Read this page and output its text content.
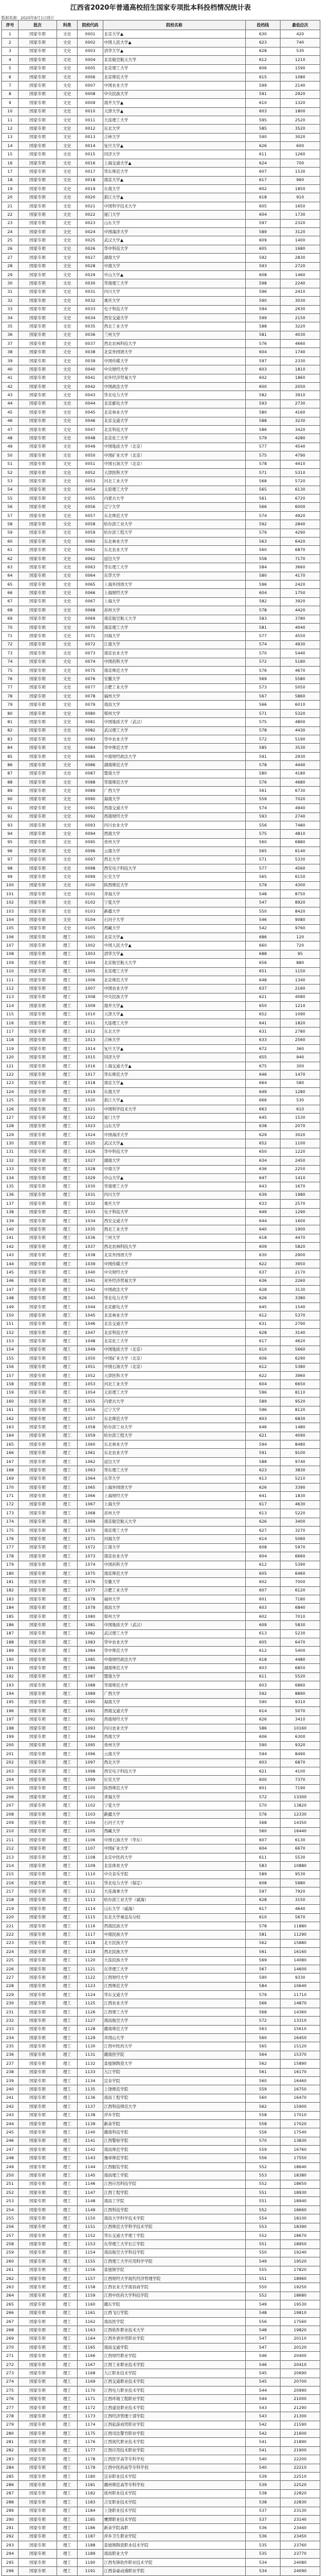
江西省2020年普通高校招生国家专项批本科投档情况统计表
数据来源：2020年8月1日统计
序号	批次	科类	院校代码	院校名称	投档线	最低位次
1	国家专项	文史	0001	北京大学▲	630	420
2	国家专项	文史	0002	中国人民大学▲	623	740
3	国家专项	文史	0003	清华大学▲	628	530
4	国家专项	文史	0004	北京航空航天大学	612	1210
5	国家专项	文史	0005	北京理工大学	606	1590
6	国家专项	文史	0006	北京师范大学	615	1080
7	国家专项	文史	0007	中国农业大学	599	2140
8	国家专项	文史	0008	中央民族大学	591	2920
9	国家专项	文史	0009	南开大学▲	610	1320
10	国家专项	文史	0010	天津大学▲	603	1800
11	国家专项	文史	0011	大连理工大学	595	2520
12	国家专项	文史	0012	东北大学	585	3520
13	国家专项	文史	0013	吉林大学	590	3020
14	国家专项	文史	0014	复旦大学▲	626	600
15	国家专项	文史	0015	同济大学	611	1260
16	国家专项	文史	0016	上海交通大学▲	624	700
17	国家专项	文史	0017	华东师范大学	607	1530
18	国家专项	文史	0018	南京大学▲	617	960
19	国家专项	文史	0019	东南大学	602	1850
20	国家专项	文史	0020	浙江大学▲	618	910
21	国家专项	文史	0021	中国科学技术大学	605	1650
22	国家专项	文史	0022	厦门大学	604	1730
23	国家专项	文史	0023	山东大学	597	2320
24	国家专项	文史	0024	中国海洋大学	589	3120
25	国家专项	文史	0025	武汉大学▲	609	1400
26	国家专项	文史	0026	华中科技大学	605	1680
27	国家专项	文史	0027	湖南大学	592	2830
28	国家专项	文史	0028	中南大学	593	2720
29	国家专项	文史	0029	中山大学▲	608	1460
30	国家专项	文史	0030	华南理工大学	598	2240
31	国家专项	文史	0031	四川大学	596	2410
32	国家专项	文史	0032	重庆大学	590	3030
33	国家专项	文史	0033	电子科技大学	594	2630
34	国家专项	文史	0034	西安交通大学	599	2150
35	国家专项	文史	0035	西北工业大学	588	3220
36	国家专项	文史	0036	兰州大学	581	4030
37	国家专项	文史	0037	西北农林科技大学	576	4660
38	国家专项	文史	0038	北京外国语大学	604	1740
39	国家专项	文史	0039	中国传媒大学	597	2330
40	国家专项	文史	0040	中央财经大学	603	1810
41	国家专项	文史	0041	对外经济贸易大学	602	1860
42	国家专项	文史	0042	中国政法大学	600	2050
43	国家专项	文史	0043	华北电力大学	582	3910
44	国家专项	文史	0044	北京邮电大学	593	2730
45	国家专项	文史	0045	北京林业大学	580	4160
46	国家专项	文史	0046	北京交通大学	588	3230
47	国家专项	文史	0047	北京科技大学	586	3420
48	国家专项	文史	0048	北京化工大学	579	4280
49	国家专项	文史	0049	中国地质大学（北京）	577	4540
50	国家专项	文史	0050	中国矿业大学（北京）	575	4790
51	国家专项	文史	0051	中国石油大学（北京）	578	4410
52	国家专项	文史	0052	天津医科大学	571	5310
53	国家专项	文史	0053	河北工业大学	568	5720
54	国家专项	文史	0054	太原理工大学	565	6130
55	国家专项	文史	0055	内蒙古大学	561	6720
56	国家专项	文史	0056	辽宁大学	566	6000
57	国家专项	文史	0057	东北师范大学	574	4920
58	国家专项	文史	0058	哈尔滨工业大学	592	2840
59	国家专项	文史	0059	哈尔滨工程大学	579	4290
60	国家专项	文史	0060	东北林业大学	563	6420
61	国家专项	文史	0061	东北农业大学	560	6870
62	国家专项	文史	0062	延边大学	558	7170
63	国家专项	文史	0063	华东理工大学	584	3660
64	国家专项	文史	0064	东华大学	580	4170
65	国家专项	文史	0065	上海外国语大学	596	2420
66	国家专项	文史	0066	上海财经大学	604	1750
67	国家专项	文史	0067	上海大学	582	3920
68	国家专项	文史	0068	苏州大学	578	4420
69	国家专项	文史	0069	南京航空航天大学	583	3780
70	国家专项	文史	0070	南京理工大学	581	4040
71	国家专项	文史	0071	河海大学	577	4550
72	国家专项	文史	0072	江南大学	574	4930
73	国家专项	文史	0073	南京农业大学	570	5440
74	国家专项	文史	0074	中国药科大学	572	5180
75	国家专项	文史	0075	南京师范大学	576	4670
76	国家专项	文史	0076	安徽大学	569	5580
77	国家专项	文史	0077	合肥工业大学	573	5050
78	国家专项	文史	0078	福州大学	567	5860
79	国家专项	文史	0079	南昌大学	566	6010
80	国家专项	文史	0080	郑州大学	571	5320
81	国家专项	文史	0081	中国地质大学（武汉）	575	4800
82	国家专项	文史	0082	武汉理工大学	578	4430
83	国家专项	文史	0083	华中农业大学	572	5190
84	国家专项	文史	0084	华中师范大学	585	3530
85	国家专项	文史	0085	中南财经政法大学	591	2930
86	国家专项	文史	0086	湖南师范大学	578	4440
87	国家专项	文史	0087	暨南大学	580	4180
88	国家专项	文史	0088	华南师范大学	576	4680
89	国家专项	文史	0089	广西大学	561	6730
90	国家专项	文史	0090	海南大学	559	7020
91	国家专项	文史	0091	西南交通大学	574	4940
92	国家专项	文史	0092	西南财经大学	593	2740
93	国家专项	文史	0093	四川农业大学	556	7480
94	国家专项	文史	0094	西南大学	575	4810
95	国家专项	文史	0095	贵州大学	560	6880
96	国家专项	文史	0096	云南大学	565	6140
97	国家专项	文史	0097	西北大学	571	5330
98	国家专项	文史	0098	西安电子科技大学	577	4560
99	国家专项	文史	0099	长安大学	565	6150
100	国家专项	文史	0100	陕西师范大学	579	4300
101	国家专项	文史	0101	青海大学	548	8750
102	国家专项	文史	0102	宁夏大学	547	8920
103	国家专项	文史	0103	新疆大学	550	8420
104	国家专项	文史	0104	石河子大学	546	9080
105	国家专项	文史	0105	西藏大学	542	9760
106	国家专项	理工	1001	北京大学▲	686	120
107	国家专项	理工	1002	中国人民大学▲	660	720
108	国家专项	理工	1003	清华大学▲	688	95
109	国家专项	理工	1004	北京航空航天大学	656	880
110	国家专项	理工	1005	北京理工大学	651	1150
111	国家专项	理工	1006	北京师范大学	648	1340
112	国家专项	理工	1007	中国农业大学	637	2160
113	国家专项	理工	1008	中央民族大学	621	4080
114	国家专项	理工	1009	南开大学▲	650	1210
115	国家专项	理工	1010	天津大学▲	652	1090
116	国家专项	理工	1011	大连理工大学	641	1820
117	国家专项	理工	1012	东北大学	631	2780
118	国家专项	理工	1013	吉林大学	633	2560
119	国家专项	理工	1014	复旦大学▲	672	360
120	国家专项	理工	1015	同济大学	655	940
121	国家专项	理工	1016	上海交通大学▲	675	300
122	国家专项	理工	1017	华东师范大学	646	1470
123	国家专项	理工	1018	南京大学▲	664	580
124	国家专项	理工	1019	东南大学	649	1280
125	国家专项	理工	1020	浙江大学▲	666	530
126	国家专项	理工	1021	中国科学技术大学	663	610
127	国家专项	理工	1022	厦门大学	645	1530
128	国家专项	理工	1023	山东大学	638	2070
129	国家专项	理工	1024	中国海洋大学	629	3020
130	国家专项	理工	1025	武汉大学▲	652	1100
131	国家专项	理工	1026	华中科技大学	650	1220
132	国家专项	理工	1027	湖南大学	634	2450
133	国家专项	理工	1028	中南大学	636	2250
134	国家专项	理工	1029	中山大学▲	647	1410
135	国家专项	理工	1030	华南理工大学	643	1670
136	国家专项	理工	1031	四川大学	639	1980
137	国家专项	理工	1032	重庆大学	633	2570
138	国家专项	理工	1033	电子科技大学	649	1290
139	国家专项	理工	1034	西安交通大学	644	1600
140	国家专项	理工	1035	西北工业大学	640	1900
141	国家专项	理工	1036	兰州大学	618	4470
142	国家专项	理工	1037	西北农林科技大学	609	5820
143	国家专项	理工	1038	北京外国语大学	630	2900
144	国家专项	理工	1039	中国传媒大学	622	3950
145	国家专项	理工	1040	中央财经大学	637	2170
146	国家专项	理工	1041	对外经济贸易大学	636	2260
147	国家专项	理工	1042	中国政法大学	628	3130
148	国家专项	理工	1043	华北电力大学	626	3380
149	国家专项	理工	1044	北京邮电大学	645	1540
150	国家专项	理工	1045	北京林业大学	612	5370
151	国家专项	理工	1046	北京交通大学	631	2790
152	国家专项	理工	1047	北京科技大学	628	3140
153	国家专项	理工	1048	北京化工大学	617	4620
154	国家专项	理工	1049	中国地质大学（北京）	610	5660
155	国家专项	理工	1050	中国矿业大学（北京）	606	6290
156	国家专项	理工	1051	中国石油大学（北京）	612	5380
157	国家专项	理工	1052	天津医科大学	622	3960
158	国家专项	理工	1053	河北工业大学	604	6650
159	国家专项	理工	1054	太原理工大学	596	8110
160	国家专项	理工	1055	内蒙古大学	589	9520
161	国家专项	理工	1056	辽宁大学	596	8120
162	国家专项	理工	1057	东北师范大学	603	6830
163	国家专项	理工	1058	哈尔滨工业大学	646	1480
164	国家专项	理工	1059	哈尔滨工程大学	621	4090
165	国家专项	理工	1060	东北林业大学	594	8480
166	国家专项	理工	1061	东北农业大学	591	9100
167	国家专项	理工	1062	延边大学	588	9740
168	国家专项	理工	1063	华东理工大学	623	3830
169	国家专项	理工	1064	东华大学	613	5210
170	国家专项	理工	1065	上海外国语大学	626	3390
171	国家专项	理工	1066	上海财经大学	641	1830
172	国家专项	理工	1067	上海大学	617	4630
173	国家专项	理工	1068	苏州大学	613	5220
174	国家专项	理工	1069	南京航空航天大学	626	3400
175	国家专项	理工	1070	南京理工大学	627	3270
176	国家专项	理工	1071	河海大学	614	5060
177	国家专项	理工	1072	江南大学	608	5970
178	国家专项	理工	1073	南京农业大学	604	6660
179	国家专项	理工	1074	中国药科大学	612	5390
180	国家专项	理工	1075	南京师范大学	605	6460
181	国家专项	理工	1076	安徽大学	602	7000
182	国家专项	理工	1077	合肥工业大学	607	6120
183	国家专项	理工	1078	福州大学	601	7180
184	国家专项	理工	1079	南昌大学	603	6840
185	国家专项	理工	1080	郑州大学	602	7010
186	国家专项	理工	1081	中国地质大学（武汉）	609	5830
187	国家专项	理工	1082	武汉理工大学	613	5230
188	国家专项	理工	1083	华中农业大学	605	6470
189	国家专项	理工	1084	华中师范大学	612	5400
190	国家专项	理工	1085	中南财经政法大学	618	4480
191	国家专项	理工	1086	湖南师范大学	603	6850
192	国家专项	理工	1087	暨南大学	611	5520
193	国家专项	理工	1088	华南师范大学	603	6860
194	国家专项	理工	1089	广西大学	592	8890
195	国家专项	理工	1090	海南大学	590	9310
196	国家专项	理工	1091	西南交通大学	614	5070
197	国家专项	理工	1092	西南财经大学	626	3410
198	国家专项	理工	1093	四川农业大学	586	10160
199	国家专项	理工	1094	西南大学	606	6300
200	国家专项	理工	1095	贵州大学	590	9320
201	国家专项	理工	1096	云南大学	594	8490
202	国家专项	理工	1097	西北大学	603	6870
203	国家专项	理工	1098	西安电子科技大学	621	4100
204	国家专项	理工	1099	长安大学	600	7370
205	国家专项	理工	1100	陕西师范大学	601	7190
206	国家专项	理工	1101	青海大学	572	13300
207	国家专项	理工	1102	宁夏大学	570	13820
208	国家专项	理工	1103	新疆大学	576	12330
209	国家专项	理工	1104	石河子大学	568	14350
210	国家专项	理工	1105	西藏大学	560	16440
211	国家专项	理工	1106	中国石油大学（华东）	607	6130
212	国家专项	理工	1107	中国矿业大学	604	6670
213	国家专项	理工	1108	北京中医药大学	611	5530
214	国家专项	理工	1109	北京体育大学	583	10880
215	国家专项	理工	1110	中央音乐学院	589	9530
216	国家专项	理工	1111	华北电力大学（保定）	608	5980
217	国家专项	理工	1112	大连海事大学	597	7920
218	国家专项	理工	1113	哈尔滨工业大学（威海）	628	3150
219	国家专项	理工	1114	山东大学（威海）	617	4640
220	国家专项	理工	1115	东北大学秦皇岛分校	610	5670
221	国家专项	理工	1116	西南民族大学	578	11880
222	国家专项	理工	1117	中南民族大学	581	11290
223	国家专项	理工	1118	北方民族大学	562	15880
224	国家专项	理工	1119	西北民族大学	561	16160
225	国家专项	理工	1120	大连民族大学	569	14080
226	国家专项	理工	1121	东华理工大学	567	14600
227	国家专项	理工	1122	江西财经大学	590	9330
228	国家专项	理工	1123	江西师范大学	584	10640
229	国家专项	理工	1124	华东交通大学	579	11710
230	国家专项	理工	1125	江西农业大学	566	14870
231	国家专项	理工	1126	江西理工大学	568	14360
232	国家专项	理工	1127	南昌航空大学	572	13310
233	国家专项	理工	1128	赣南师范大学	563	15610
234	国家专项	理工	1129	井冈山大学	560	16450
235	国家专项	理工	1130	江西中医药大学	565	15120
236	国家专项	理工	1131	赣南医学院	564	15370
237	国家专项	理工	1132	景德镇陶瓷大学	562	15890
238	国家专项	理工	1133	九江学院	561	16170
239	国家专项	理工	1134	宜春学院	560	16460
240	国家专项	理工	1135	上饶师范学院	559	16750
241	国家专项	理工	1136	南昌工程学院	560	16470
242	国家专项	理工	1137	江西科技师范大学	562	15900
243	国家专项	理工	1138	萍乡学院	558	17010
244	国家专项	理工	1139	新余学院	558	17020
245	国家专项	理工	1140	赣南科技学院	556	17540
246	国家专项	理工	1141	江西警察学院	570	13830
247	国家专项	理工	1142	南昌师范学院	559	16760
248	国家专项	理工	1143	豫章师范学院	556	17550
249	国家专项	理工	1144	江西服装学院	552	18640
250	国家专项	理工	1145	南昌理工学院	553	18380
251	国家专项	理工	1146	江西应用科技学院	552	18650
252	国家专项	理工	1147	江西工程学院	551	18930
253	国家专项	理工	1148	南昌工学院	551	18940
254	国家专项	理工	1149	江西科技学院	552	18660
255	国家专项	理工	1150	南昌大学科学技术学院	554	18100
256	国家专项	理工	1151	江西师范大学科学技术学院	553	18390
257	国家专项	理工	1152	华东交通大学理工学院	552	18670
258	国家专项	理工	1153	东华理工大学长江学院	551	18950
259	国家专项	理工	1154	南昌航空大学科技学院	550	19240
260	国家专项	理工	1155	江西理工大学应用科学学院	549	19520
261	国家专项	理工	1156	景德镇学院	555	17820
262	国家专项	理工	1157	江西财经大学现代经济管理学院	551	18960
263	国家专项	理工	1158	江西农业大学南昌商学院	550	19250
264	国家专项	理工	1159	江西中医药大学科技学院	552	18680
265	国家专项	理工	1160	赣东学院	549	19530
266	国家专项	理工	1161	江西飞行学院	548	19810
267	国家专项	理工	1162	南昌医学院	556	17560
268	国家专项	理工	1163	江西软件职业技术大学	548	19820
269	国家专项	理工	1164	江西外语外贸职业学院	547	20110
270	国家专项	理工	1165	南昌交通学院	547	20120
271	国家专项	理工	1166	江西财经职业学院	546	20400
272	国家专项	理工	1167	江西工业职业技术学院	546	20410
273	国家专项	理工	1168	九江职业技术学院	545	20690
274	国家专项	理工	1169	江西交通职业技术学院	545	20700
275	国家专项	理工	1170	江西电力职业技术学院	544	20990
276	国家专项	理工	1171	江西环境工程职业学院	544	21000
277	国家专项	理工	1172	江西建设职业技术学院	543	21290
278	国家专项	理工	1173	江西经济管理干部学院	543	21300
279	国家专项	理工	1174	江西旅游商贸职业学院	542	21590
280	国家专项	理工	1175	江西司法警官职业学院	542	21600
281	国家专项	理工	1176	江西现代职业技术学院	541	21890
282	国家专项	理工	1177	江西应用技术职业学院	541	21900
283	国家专项	理工	1178	江西医学高等专科学校	540	22200
284	国家专项	理工	1179	江西中医药高等专科学校	540	22210
285	国家专项	理工	1180	宜春职业技术学院	539	22510
286	国家专项	理工	1181	赣州师范高等专科学校	539	22520
287	国家专项	理工	1182	抚州职业技术学院	538	22820
288	国家专项	理工	1183	吉安职业技术学院	538	22830
289	国家专项	理工	1184	上饶职业技术学院	537	23130
290	国家专项	理工	1185	鹰潭职业技术学院	537	23140
291	国家专项	理工	1186	新余学院高职	536	23440
292	国家专项	理工	1187	萍乡卫生职业学院	536	23450
293	国家专项	理工	1188	景德镇陶瓷职业技术学院	535	23760
294	国家专项	理工	1189	南昌职业大学	535	23770
295	国家专项	理工	1190	江西先锋软件职业技术学院	534	24080
296	国家专项	理工	1191	江西泰豪动漫职业学院	534	24090
